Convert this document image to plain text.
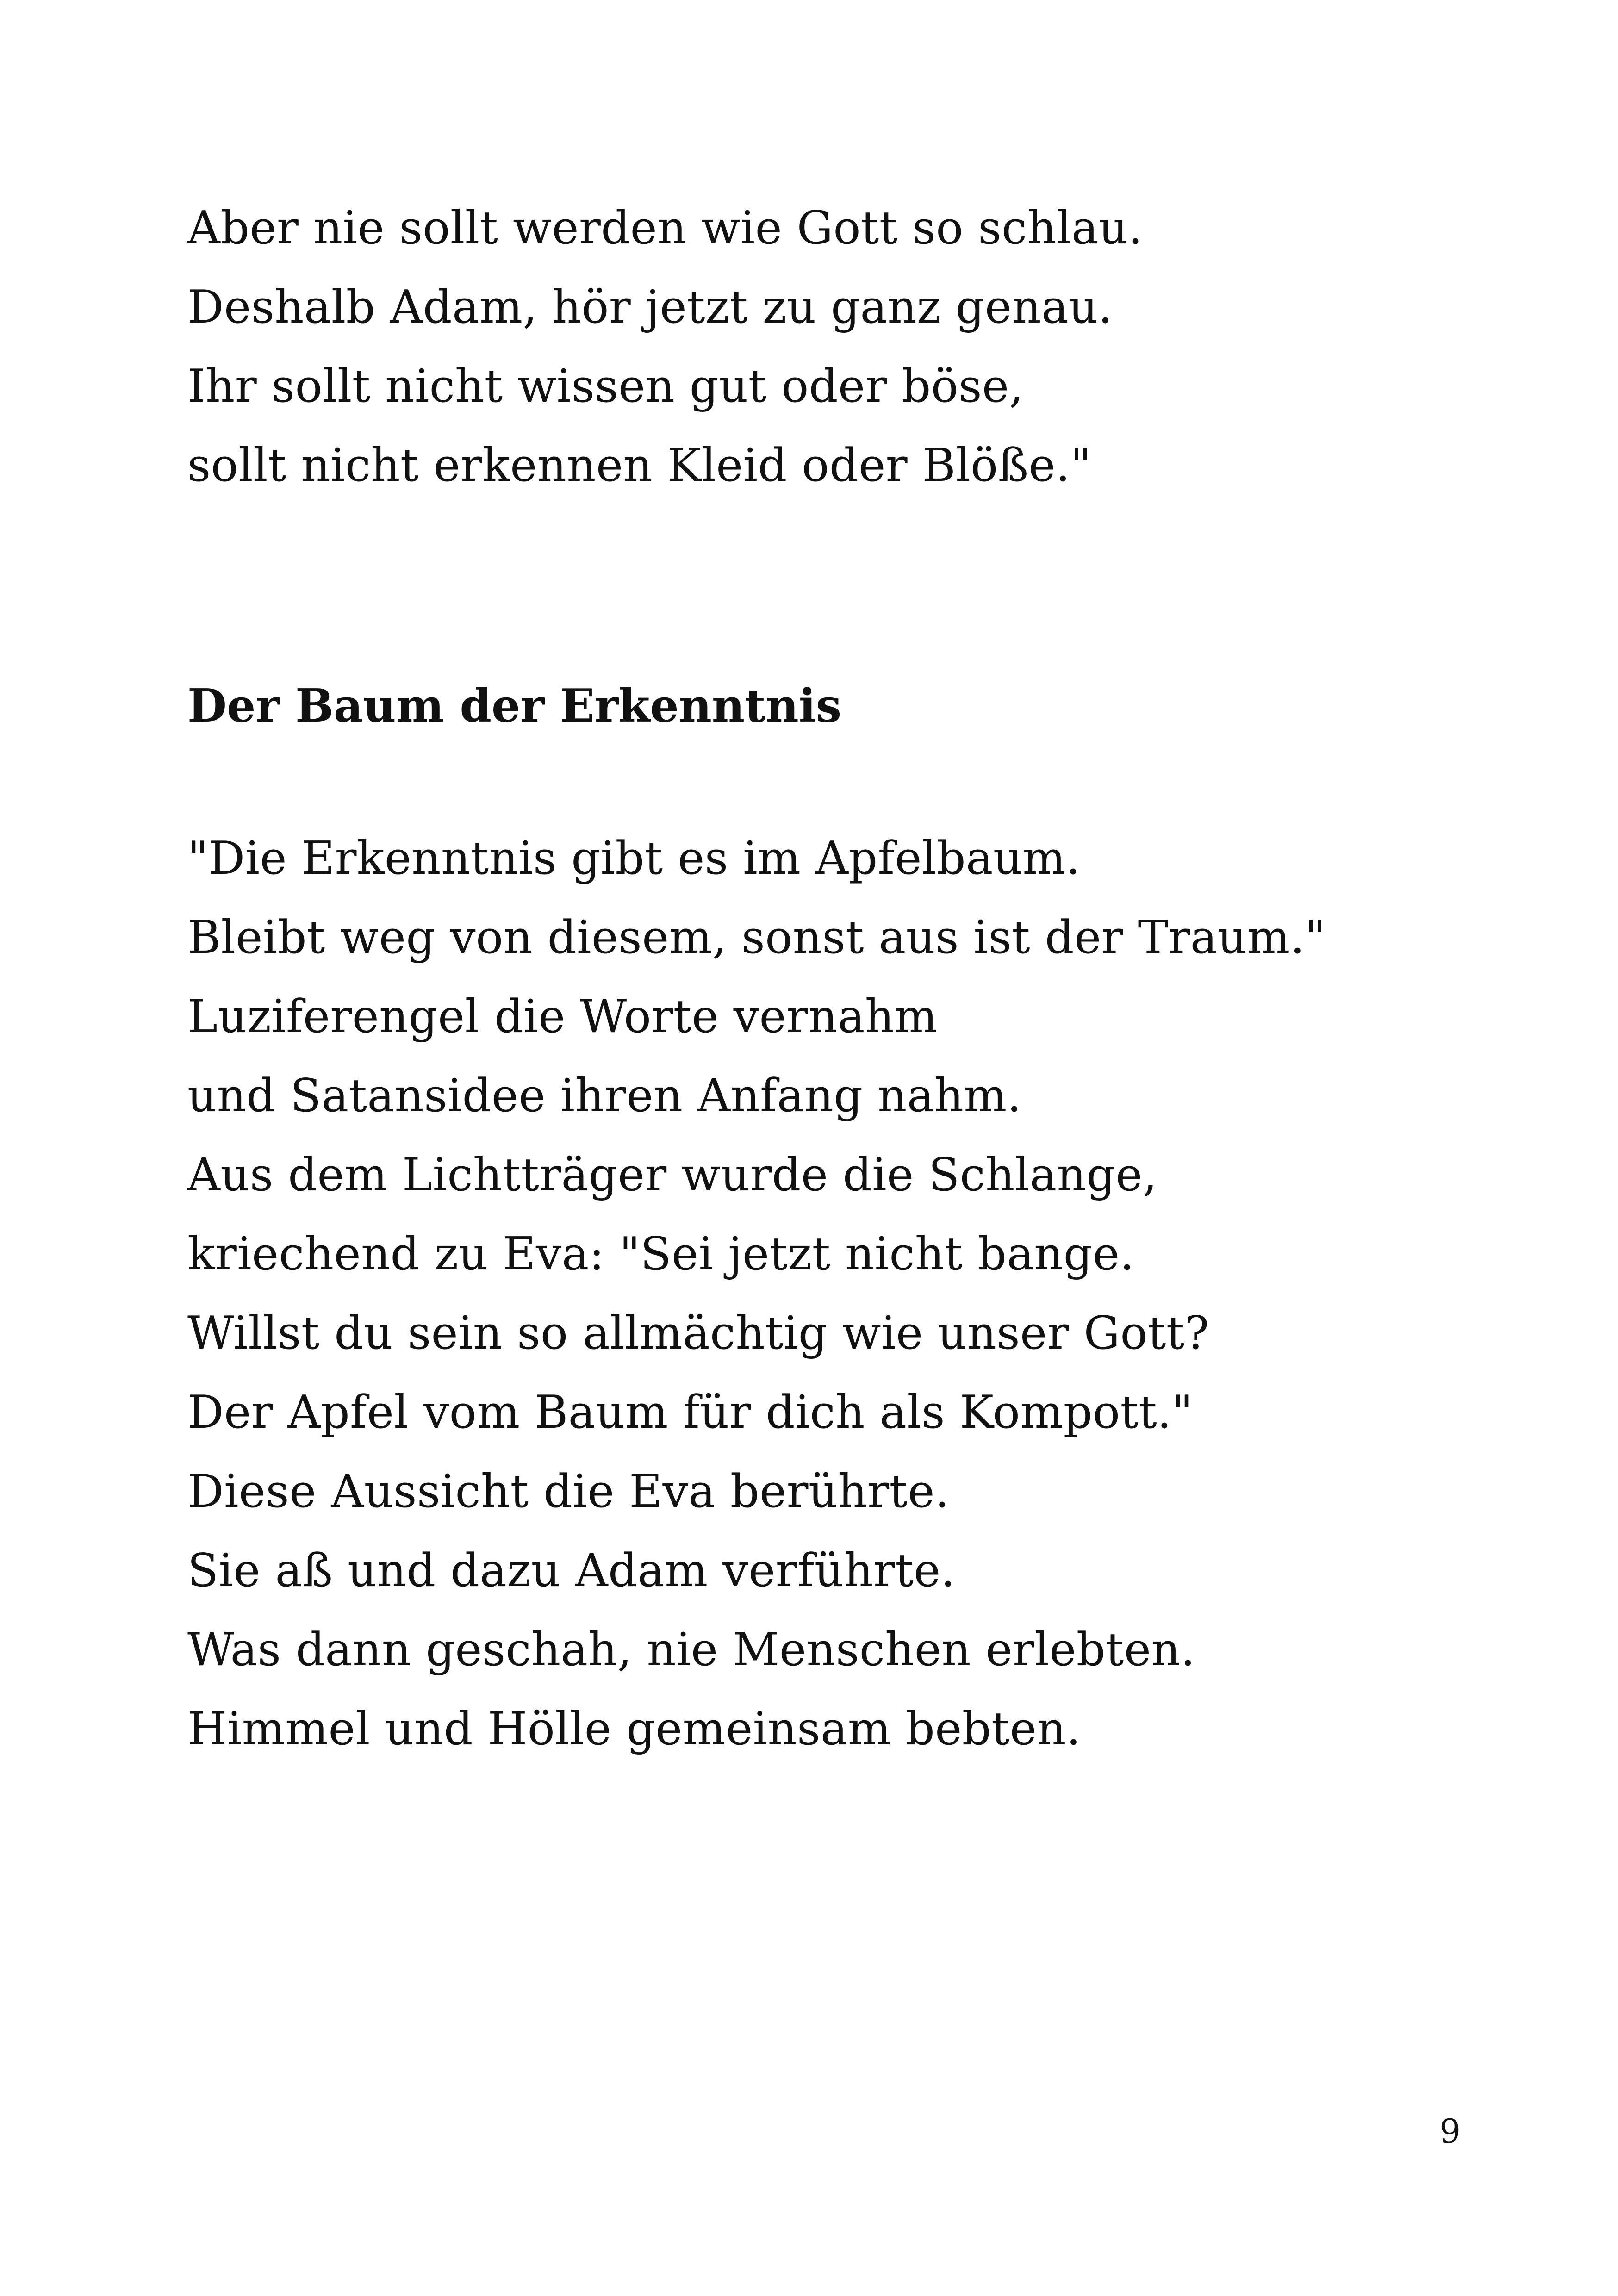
Aber nie sollt werden wie Gott so schlau.
Deshalb Adam, hör jetzt zu ganz genau.
Ihr sollt nicht wissen gut oder böse,
sollt nicht erkennen Kleid oder Blöße."
Der Baum der Erkenntnis
"Die Erkenntnis gibt es im Apfelbaum.
Bleibt weg von diesem, sonst aus ist der Traum."
Luziferengel die Worte vernahm
und Satansidee ihren Anfang nahm.
Aus dem Lichtträger wurde die Schlange,
kriechend zu Eva: "Sei jetzt nicht bange.
Willst du sein so allmächtig wie unser Gott?
Der Apfel vom Baum für dich als Kompott."
Diese Aussicht die Eva berührte.
Sie aß und dazu Adam verführte.
Was dann geschah, nie Menschen erlebten.
Himmel und Hölle gemeinsam bebten.
9
